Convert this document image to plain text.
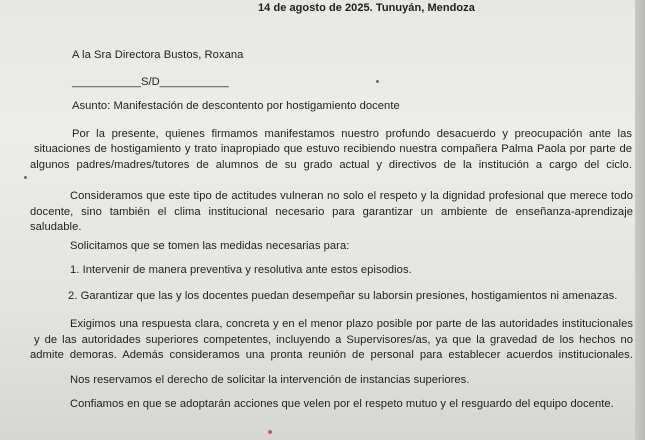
14 de agosto de 2025. Tunuyán, Mendoza
A la Sra Directora Bustos, Roxana
___________S/D___________
Asunto: Manifestación de descontento por hostigamiento docente
Por la presente, quienes firmamos manifestamos nuestro profundo desacuerdo y preocupación ante las
situaciones de hostigamiento y trato inapropiado que estuvo recibiendo nuestra compañera Palma Paola por parte de
algunos padres/madres/tutores de alumnos de su grado actual y directivos de la institución a cargo del ciclo.
Consideramos que este tipo de actitudes vulneran no solo el respeto y la dignidad profesional que merece todo
docente, sino también el clima institucional necesario para garantizar un ambiente de enseñanza-aprendizaje
saludable.
Solicitamos que se tomen las medidas necesarias para:
1. Intervenir de manera preventiva y resolutiva ante estos episodios.
2. Garantizar que las y los docentes puedan desempeñar su laborsin presiones, hostigamientos ni amenazas.
Exigimos una respuesta clara, concreta y en el menor plazo posible por parte de las autoridades institucionales
y de las autoridades superiores competentes, incluyendo a Supervisores/as, ya que la gravedad de los hechos no
admite demoras. Además consideramos una pronta reunión de personal para establecer acuerdos institucionales.
Nos reservamos el derecho de solicitar la intervención de instancias superiores.
Confiamos en que se adoptarán acciones que velen por el respeto mutuo y el resguardo del equipo docente.
